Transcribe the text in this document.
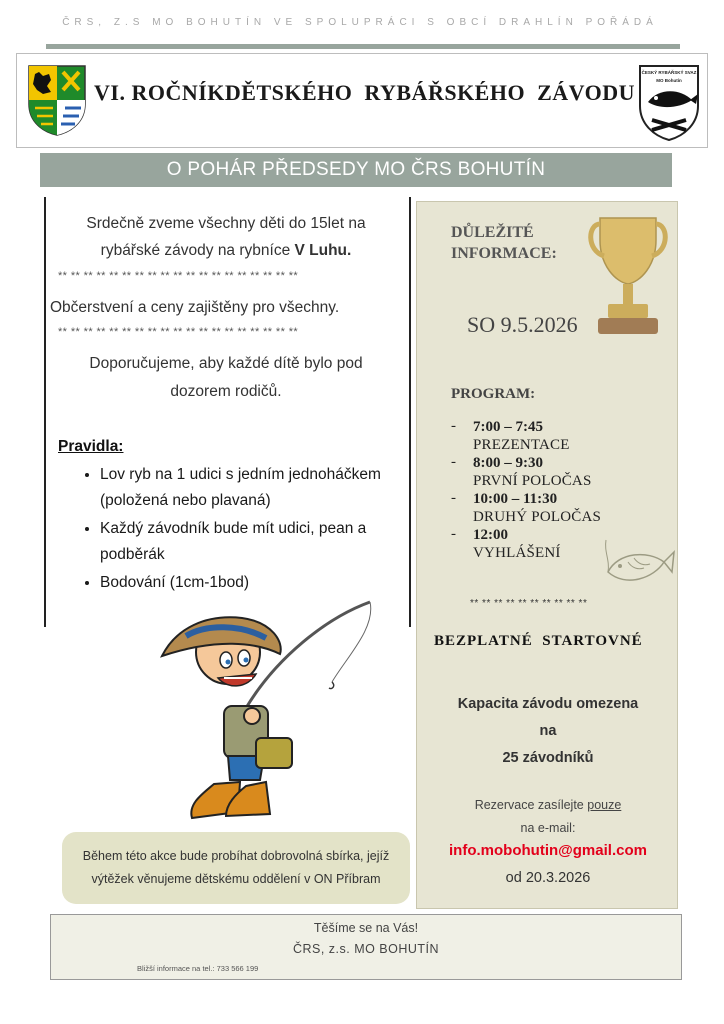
ČRS, Z.S MO BOHUTÍN VE SPOLUPRÁCI S OBCÍ DRAHLÍN POŘÁDÁ
VI. ROČNÍKDĚTSKÉHO  RYBÁŘSKÉHO  ZÁVODU
ČESKÝ RYBÁŘSKÝ SVAZ
MO Bohutín
O POHÁR PŘEDSEDY MO ČRS BOHUTÍN
Srdečně zveme všechny děti do 15let na
rybářské závody na rybníce V Luhu.
** ** ** ** ** ** ** ** ** ** ** ** ** ** ** ** ** ** **
Občerstvení a ceny zajištěny pro všechny.
** ** ** ** ** ** ** ** ** ** ** ** ** ** ** ** ** ** **
Doporučujeme, aby každé dítě bylo pod
dozorem rodičů.
Pravidla:
• Lov ryb na 1 udici s jedním jednoháčkem (položená nebo plavaná)
• Každý závodník bude mít udici, pean a podběrák
• Bodování (1cm-1bod)
Během této akce bude probíhat dobrovolná sbírka, jejíž
výtěžek věnujeme dětskému oddělení v ON Příbram
DŮLEŽITÉ
INFORMACE:
SO 9.5.2026
PROGRAM:
- 7:00 – 7:45
PREZENTACE
- 8:00 – 9:30
PRVNÍ POLOČAS
- 10:00 – 11:30
DRUHÝ POLOČAS
- 12:00
VYHLÁŠENÍ
** ** ** ** ** ** ** ** ** **
BEZPLATNÉ  STARTOVNÉ
Kapacita závodu omezena
na
25 závodníků
Rezervace zasílejte pouze
na e-mail:
info.mobohutin@gmail.com
od 20.3.2026
Těšíme se na Vás!
ČRS, z.s. MO BOHUTÍN
Bližší informace na tel.: 733 566 199
